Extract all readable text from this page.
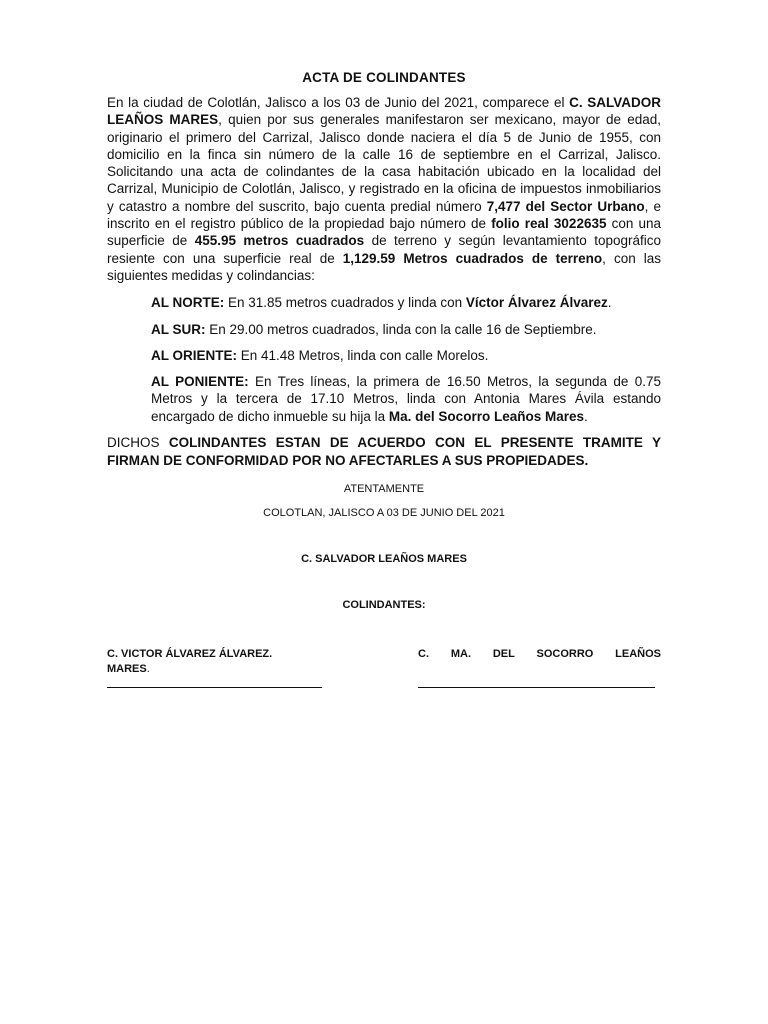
ACTA DE COLINDANTES

En la ciudad de Colotlán, Jalisco a los 03 de Junio del 2021, comparece el C. SALVADOR LEAÑOS MARES, quien por sus generales manifestaron ser mexicano, mayor de edad, originario el primero del Carrizal, Jalisco donde naciera el día 5 de Junio de 1955, con domicilio en la finca sin número de la calle 16 de septiembre en el Carrizal, Jalisco. Solicitando una acta de colindantes de la casa habitación ubicado en la localidad del Carrizal, Municipio de Colotlán, Jalisco, y registrado en la oficina de impuestos inmobiliarios y catastro a nombre del suscrito, bajo cuenta predial número 7,477 del Sector Urbano, e inscrito en el registro público de la propiedad bajo número de folio real 3022635 con una superficie de 455.95 metros cuadrados de terreno y según levantamiento topográfico resiente con una superficie real de 1,129.59 Metros cuadrados de terreno, con las siguientes medidas y colindancias:

AL NORTE: En 31.85 metros cuadrados y linda con Víctor Álvarez Álvarez.

AL SUR: En 29.00 metros cuadrados, linda con la calle 16 de Septiembre.

AL ORIENTE: En 41.48 Metros, linda con calle Morelos.

AL PONIENTE: En Tres líneas, la primera de 16.50 Metros, la segunda de 0.75 Metros y la tercera de 17.10 Metros, linda con Antonia Mares Ávila estando encargado de dicho inmueble su hija la Ma. del Socorro Leaños Mares.

DICHOS COLINDANTES ESTAN DE ACUERDO CON EL PRESENTE TRAMITE Y FIRMAN DE CONFORMIDAD POR NO AFECTARLES A SUS PROPIEDADES.

ATENTAMENTE
COLOTLAN, JALISCO A 03 DE JUNIO DEL 2021
C. SALVADOR LEAÑOS MARES
COLINDANTES:
C. VICTOR ÁLVAREZ ÁLVAREZ.
MARES.
C. MA. DEL SOCORRO LEAÑOS
